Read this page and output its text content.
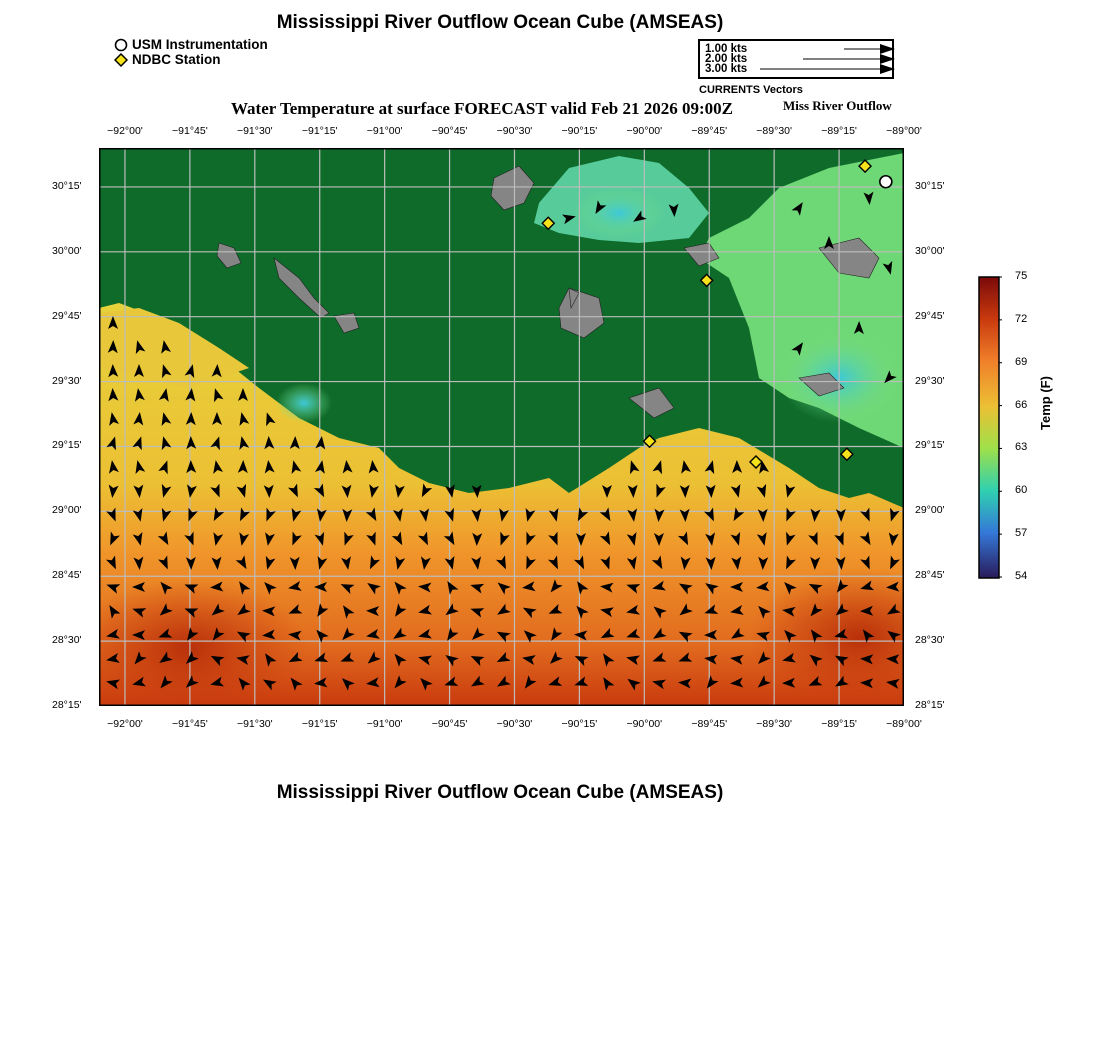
Mississippi River Outflow Ocean Cube (AMSEAS)
USM Instrumentation
NDBC Station
1.00 kts
2.00 kts
3.00 kts
CURRENTS Vectors
Water Temperature at surface FORECAST valid Feb 21 2026 09:00Z	Miss River Outflow
−92°00'	−91°45'	−91°30'	−91°15'	−91°00'	−90°45'	−90°30'	−90°15'	−90°00'	−89°45'	−89°30'	−89°15'	−89°00'
−92°00'	−91°45'	−91°30'	−91°15'	−91°00'	−90°45'	−90°30'	−90°15'	−90°00'	−89°45'	−89°30'	−89°15'	−89°00'
30°15'
30°00'
29°45'
29°30'
29°15'
29°00'
28°45'
28°30'
28°15'
30°15'
30°00'
29°45'
29°30'
29°15'
29°00'
28°45'
28°30'
28°15'
75
72
69
66
63
60
57
54
Temp (F)
Mississippi River Outflow Ocean Cube (AMSEAS)
